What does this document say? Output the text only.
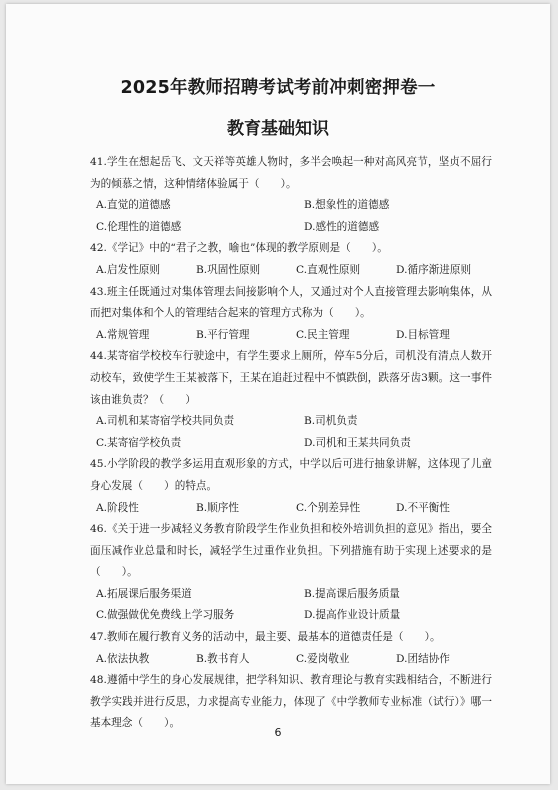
2025年教师招聘考试考前冲刺密押卷一
教育基础知识

41.学生在想起岳飞、文天祥等英雄人物时，多半会唤起一种对高风亮节，坚贞不屈行为的倾慕之情，这种情绪体验属于（　　）。

A.直觉的道德感	B.想象性的道德感
C.伦理性的道德感	D.感性的道德感

42.《学记》中的“君子之教，喻也”体现的教学原则是（　　）。

A.启发性原则	B.巩固性原则	C.直观性原则	D.循序渐进原则

43.班主任既通过对集体管理去间接影响个人，又通过对个人直接管理去影响集体，从而把对集体和个人的管理结合起来的管理方式称为（　　）。

A.常规管理	B.平行管理	C.民主管理	D.目标管理

44.某寄宿学校校车行驶途中，有学生要求上厕所，停车5分后，司机没有清点人数开动校车，致使学生王某被落下，王某在追赶过程中不慎跌倒，跌落牙齿3颗。这一事件该由谁负责？（　　）

A.司机和某寄宿学校共同负责	B.司机负责
C.某寄宿学校负责	D.司机和王某共同负责

45.小学阶段的教学多运用直观形象的方式，中学以后可进行抽象讲解，这体现了儿童身心发展（　　）的特点。

A.阶段性	B.顺序性	C.个别差异性	D.不平衡性

46.《关于进一步减轻义务教育阶段学生作业负担和校外培训负担的意见》指出，要全面压减作业总量和时长，减轻学生过重作业负担。下列措施有助于实现上述要求的是（　　）。

A.拓展课后服务渠道	B.提高课后服务质量
C.做强做优免费线上学习服务	D.提高作业设计质量

47.教师在履行教育义务的活动中，最主要、最基本的道德责任是（　　）。

A.依法执教	B.教书育人	C.爱岗敬业	D.团结协作

48.遵循中学生的身心发展规律，把学科知识、教育理论与教育实践相结合，不断进行教学实践并进行反思，力求提高专业能力，体现了《中学教师专业标准（试行）》哪一基本理念（　　）。

6
